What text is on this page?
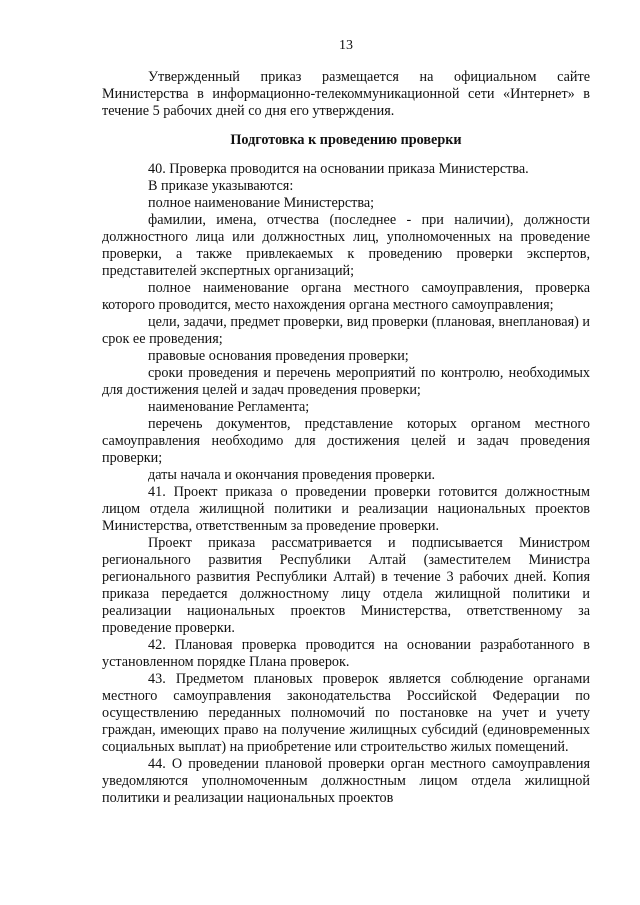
13

Утвержденный приказ размещается на официальном сайте Министерства в информационно-телекоммуникационной сети «Интернет» в течение 5 рабочих дней со дня его утверждения.

Подготовка к проведению проверки

40. Проверка проводится на основании приказа Министерства.

В приказе указываются:

полное наименование Министерства;

фамилии, имена, отчества (последнее - при наличии), должности должностного лица или должностных лиц, уполномоченных на проведение проверки, а также привлекаемых к проведению проверки экспертов, представителей экспертных организаций;

полное наименование органа местного самоуправления, проверка которого проводится, место нахождения органа местного самоуправления;

цели, задачи, предмет проверки, вид проверки (плановая, внеплановая) и срок ее проведения;

правовые основания проведения проверки;

сроки проведения и перечень мероприятий по контролю, необходимых для достижения целей и задач проведения проверки;

наименование Регламента;

перечень документов, представление которых органом местного самоуправления необходимо для достижения целей и задач проведения проверки;

даты начала и окончания проведения проверки.

41. Проект приказа о проведении проверки готовится должностным лицом отдела жилищной политики и реализации национальных проектов Министерства, ответственным за проведение проверки.

Проект приказа рассматривается и подписывается Министром регионального развития Республики Алтай (заместителем Министра регионального развития Республики Алтай) в течение 3 рабочих дней. Копия приказа передается должностному лицу отдела жилищной политики и реализации национальных проектов Министерства, ответственному за проведение проверки.

42. Плановая проверка проводится на основании разработанного в установленном порядке Плана проверок.

43. Предметом плановых проверок является соблюдение органами местного самоуправления законодательства Российской Федерации по осуществлению переданных полномочий по постановке на учет и учету граждан, имеющих право на получение жилищных субсидий (единовременных социальных выплат) на приобретение или строительство жилых помещений.

44. О проведении плановой проверки орган местного самоуправления уведомляются уполномоченным должностным лицом отдела жилищной политики и реализации национальных проектов
